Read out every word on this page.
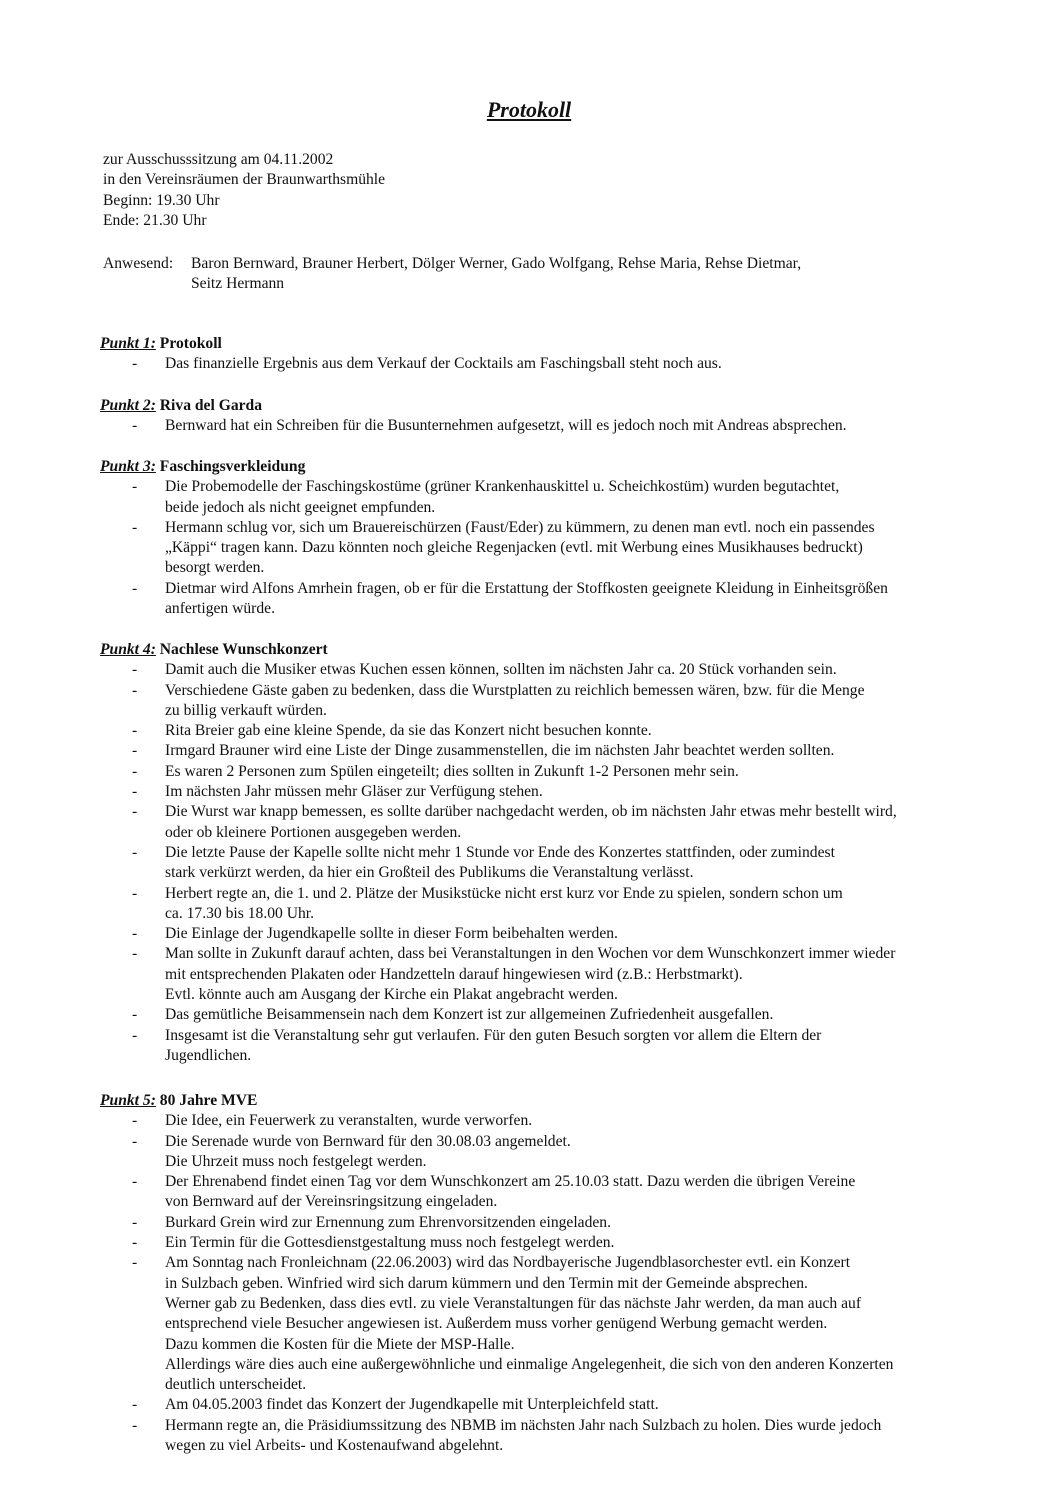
Protokoll
zur Ausschusssitzung am 04.11.2002
in den Vereinsräumen der Braunwarthsmühle
Beginn: 19.30 Uhr
Ende: 21.30 Uhr
Anwesend: Baron Bernward, Brauner Herbert, Dölger Werner, Gado Wolfgang, Rehse Maria, Rehse Dietmar,
Seitz Hermann
Punkt 1: Protokoll
- Das finanzielle Ergebnis aus dem Verkauf der Cocktails am Faschingsball steht noch aus.
Punkt 2: Riva del Garda
- Bernward hat ein Schreiben für die Busunternehmen aufgesetzt, will es jedoch noch mit Andreas absprechen.
Punkt 3: Faschingsverkleidung
- Die Probemodelle der Faschingskostüme (grüner Krankenhauskittel u. Scheichkostüm) wurden begutachtet,
beide jedoch als nicht geeignet empfunden.
- Hermann schlug vor, sich um Brauereischürzen (Faust/Eder) zu kümmern, zu denen man evtl. noch ein passendes
„Käppi“ tragen kann. Dazu könnten noch gleiche Regenjacken (evtl. mit Werbung eines Musikhauses bedruckt)
besorgt werden.
- Dietmar wird Alfons Amrhein fragen, ob er für die Erstattung der Stoffkosten geeignete Kleidung in Einheitsgrößen
anfertigen würde.
Punkt 4: Nachlese Wunschkonzert
- Damit auch die Musiker etwas Kuchen essen können, sollten im nächsten Jahr ca. 20 Stück vorhanden sein.
- Verschiedene Gäste gaben zu bedenken, dass die Wurstplatten zu reichlich bemessen wären, bzw. für die Menge
zu billig verkauft würden.
- Rita Breier gab eine kleine Spende, da sie das Konzert nicht besuchen konnte.
- Irmgard Brauner wird eine Liste der Dinge zusammenstellen, die im nächsten Jahr beachtet werden sollten.
- Es waren 2 Personen zum Spülen eingeteilt; dies sollten in Zukunft 1-2 Personen mehr sein.
- Im nächsten Jahr müssen mehr Gläser zur Verfügung stehen.
- Die Wurst war knapp bemessen, es sollte darüber nachgedacht werden, ob im nächsten Jahr etwas mehr bestellt wird,
oder ob kleinere Portionen ausgegeben werden.
- Die letzte Pause der Kapelle sollte nicht mehr 1 Stunde vor Ende des Konzertes stattfinden, oder zumindest
stark verkürzt werden, da hier ein Großteil des Publikums die Veranstaltung verlässt.
- Herbert regte an, die 1. und 2. Plätze der Musikstücke nicht erst kurz vor Ende zu spielen, sondern schon um
ca. 17.30 bis 18.00 Uhr.
- Die Einlage der Jugendkapelle sollte in dieser Form beibehalten werden.
- Man sollte in Zukunft darauf achten, dass bei Veranstaltungen in den Wochen vor dem Wunschkonzert immer wieder
mit entsprechenden Plakaten oder Handzetteln darauf hingewiesen wird (z.B.: Herbstmarkt).
Evtl. könnte auch am Ausgang der Kirche ein Plakat angebracht werden.
- Das gemütliche Beisammensein nach dem Konzert ist zur allgemeinen Zufriedenheit ausgefallen.
- Insgesamt ist die Veranstaltung sehr gut verlaufen. Für den guten Besuch sorgten vor allem die Eltern der
Jugendlichen.
Punkt 5: 80 Jahre MVE
- Die Idee, ein Feuerwerk zu veranstalten, wurde verworfen.
- Die Serenade wurde von Bernward für den 30.08.03 angemeldet.
Die Uhrzeit muss noch festgelegt werden.
- Der Ehrenabend findet einen Tag vor dem Wunschkonzert am 25.10.03 statt. Dazu werden die übrigen Vereine
von Bernward auf der Vereinsringsitzung eingeladen.
- Burkard Grein wird zur Ernennung zum Ehrenvorsitzenden eingeladen.
- Ein Termin für die Gottesdienstgestaltung muss noch festgelegt werden.
- Am Sonntag nach Fronleichnam (22.06.2003) wird das Nordbayerische Jugendblasorchester evtl. ein Konzert
in Sulzbach geben. Winfried wird sich darum kümmern und den Termin mit der Gemeinde absprechen.
Werner gab zu Bedenken, dass dies evtl. zu viele Veranstaltungen für das nächste Jahr werden, da man auch auf
entsprechend viele Besucher angewiesen ist. Außerdem muss vorher genügend Werbung gemacht werden.
Dazu kommen die Kosten für die Miete der MSP-Halle.
Allerdings wäre dies auch eine außergewöhnliche und einmalige Angelegenheit, die sich von den anderen Konzerten
deutlich unterscheidet.
- Am 04.05.2003 findet das Konzert der Jugendkapelle mit Unterpleichfeld statt.
- Hermann regte an, die Präsidiumssitzung des NBMB im nächsten Jahr nach Sulzbach zu holen. Dies wurde jedoch
wegen zu viel Arbeits- und Kostenaufwand abgelehnt.
